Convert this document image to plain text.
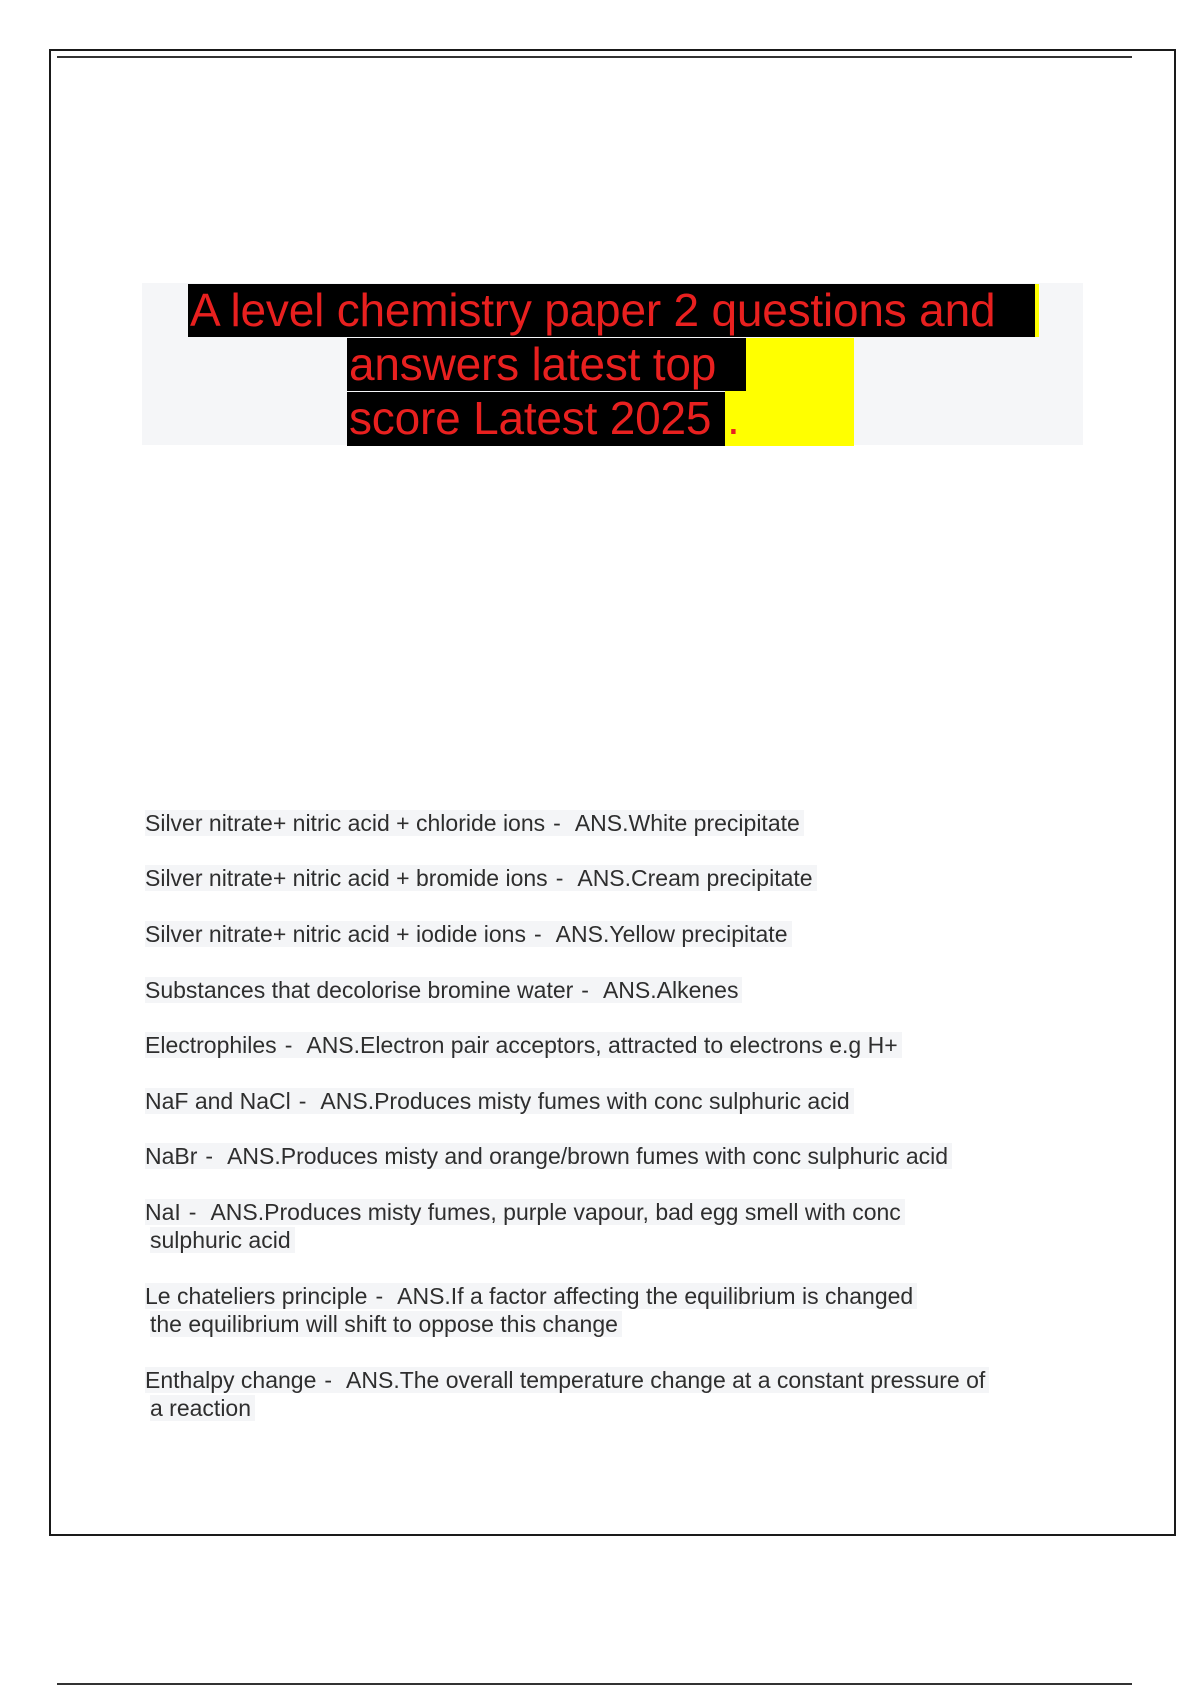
A level chemistry paper 2 questions and
answers latest top
score Latest 2025 .
Silver nitrate+ nitric acid + chloride ions - ANS.White precipitate
Silver nitrate+ nitric acid + bromide ions - ANS.Cream precipitate
Silver nitrate+ nitric acid + iodide ions - ANS.Yellow precipitate
Substances that decolorise bromine water - ANS.Alkenes
Electrophiles - ANS.Electron pair acceptors, attracted to electrons e.g H+
NaF and NaCl - ANS.Produces misty fumes with conc sulphuric acid
NaBr - ANS.Produces misty and orange/brown fumes with conc sulphuric acid
NaI - ANS.Produces misty fumes, purple vapour, bad egg smell with conc
sulphuric acid
Le chateliers principle - ANS.If a factor affecting the equilibrium is changed
the equilibrium will shift to oppose this change
Enthalpy change - ANS.The overall temperature change at a constant pressure of
a reaction
